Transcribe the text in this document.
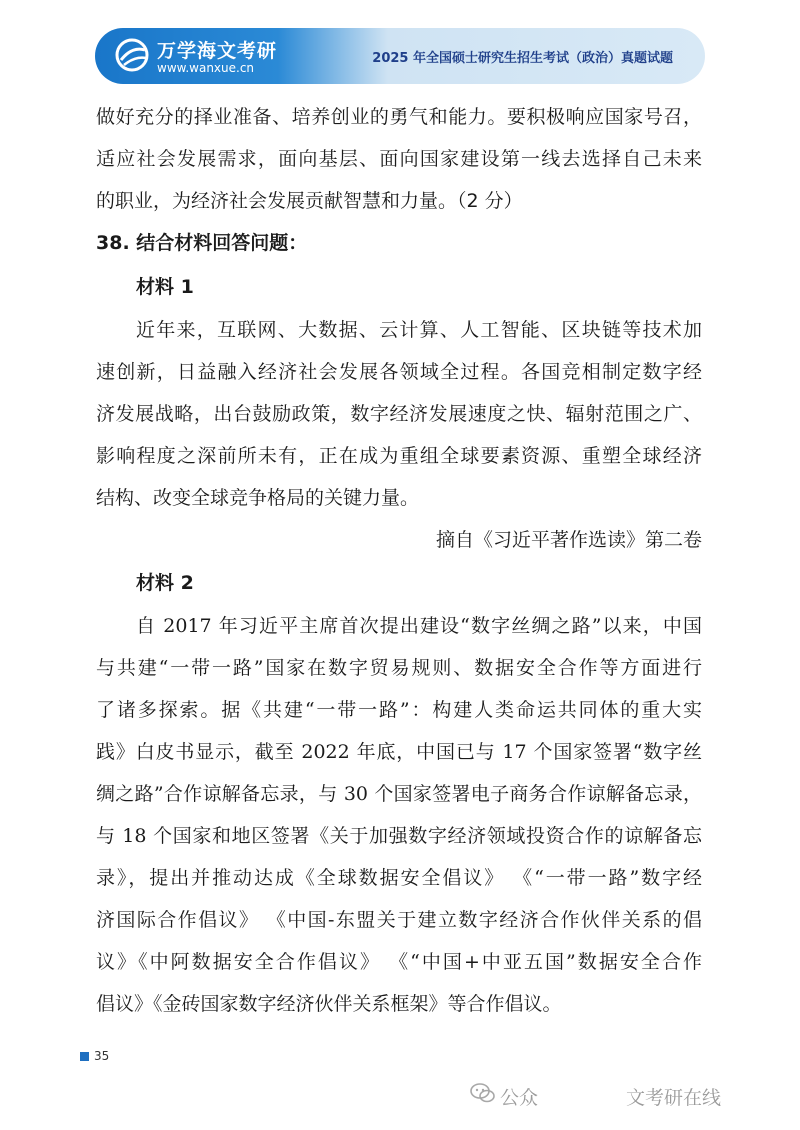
万学海文考研
www.wanxue.cn
2025 年全国硕士研究生招生考试（政治）真题试题
做好充分的择业准备、培养创业的勇气和能力。要积极响应国家号召，
适应社会发展需求，面向基层、面向国家建设第一线去选择自己未来
的职业，为经济社会发展贡献智慧和力量。（2 分）
38. 结合材料回答问题：
材料 1
近年来，互联网、大数据、云计算、人工智能、区块链等技术加
速创新，日益融入经济社会发展各领域全过程。各国竞相制定数字经
济发展战略，出台鼓励政策，数字经济发展速度之快、辐射范围之广、
影响程度之深前所未有，正在成为重组全球要素资源、重塑全球经济
结构、改变全球竞争格局的关键力量。
摘自《习近平著作选读》第二卷
材料 2
自 2017 年习近平主席首次提出建设“数字丝绸之路”以来，中国
与共建“一带一路”国家在数字贸易规则、数据安全合作等方面进行
了诸多探索。据《共建“一带一路”：构建人类命运共同体的重大实
践》白皮书显示，截至 2022 年底，中国已与 17 个国家签署“数字丝
绸之路”合作谅解备忘录，与 30 个国家签署电子商务合作谅解备忘录，
与 18 个国家和地区签署《关于加强数字经济领域投资合作的谅解备忘
录》，提出并推动达成《全球数据安全倡议》 《“一带一路”数字经
济国际合作倡议》 《中国-东盟关于建立数字经济合作伙伴关系的倡
议》《中阿数据安全合作倡议》 《“中国+中亚五国”数据安全合作
倡议》《金砖国家数字经济伙伴关系框架》等合作倡议。
35
公众	文考研在线
